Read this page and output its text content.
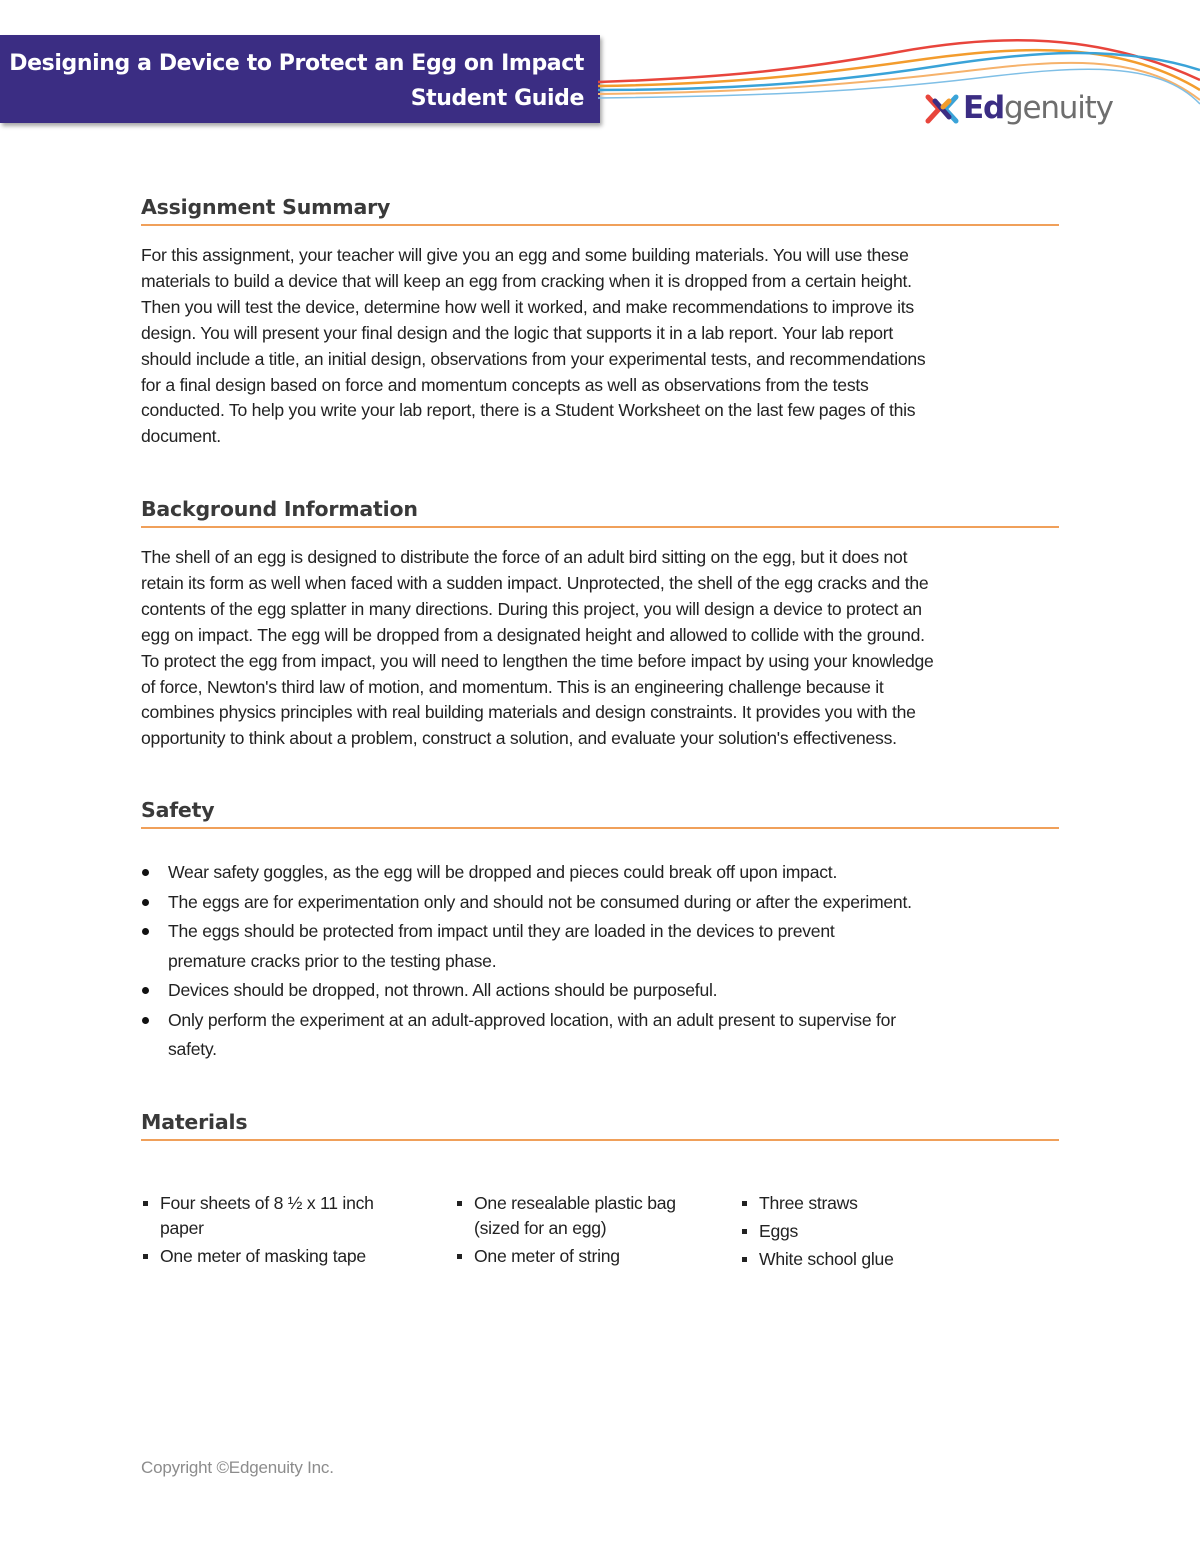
Designing a Device to Protect an Egg on Impact
Student Guide	Edgenuity
Assignment Summary

For this assignment, your teacher will give you an egg and some building materials. You will use these
materials to build a device that will keep an egg from cracking when it is dropped from a certain height.
Then you will test the device, determine how well it worked, and make recommendations to improve its
design. You will present your final design and the logic that supports it in a lab report. Your lab report
should include a title, an initial design, observations from your experimental tests, and recommendations
for a final design based on force and momentum concepts as well as observations from the tests
conducted. To help you write your lab report, there is a Student Worksheet on the last few pages of this
document.

Background Information

The shell of an egg is designed to distribute the force of an adult bird sitting on the egg, but it does not
retain its form as well when faced with a sudden impact. Unprotected, the shell of the egg cracks and the
contents of the egg splatter in many directions. During this project, you will design a device to protect an
egg on impact. The egg will be dropped from a designated height and allowed to collide with the ground.
To protect the egg from impact, you will need to lengthen the time before impact by using your knowledge
of force, Newton's third law of motion, and momentum. This is an engineering challenge because it
combines physics principles with real building materials and design constraints. It provides you with the
opportunity to think about a problem, construct a solution, and evaluate your solution's effectiveness.

Safety
Wear safety goggles, as the egg will be dropped and pieces could break off upon impact.
The eggs are for experimentation only and should not be consumed during or after the experiment.
The eggs should be protected from impact until they are loaded in the devices to prevent
premature cracks prior to the testing phase.
Devices should be dropped, not thrown. All actions should be purposeful.
Only perform the experiment at an adult-approved location, with an adult present to supervise for
safety.
Materials
Four sheets of 8 ½ x 11 inch
paper
One meter of masking tape
One resealable plastic bag
(sized for an egg)
One meter of string
Three straws
Eggs
White school glue
Copyright ©Edgenuity Inc.
